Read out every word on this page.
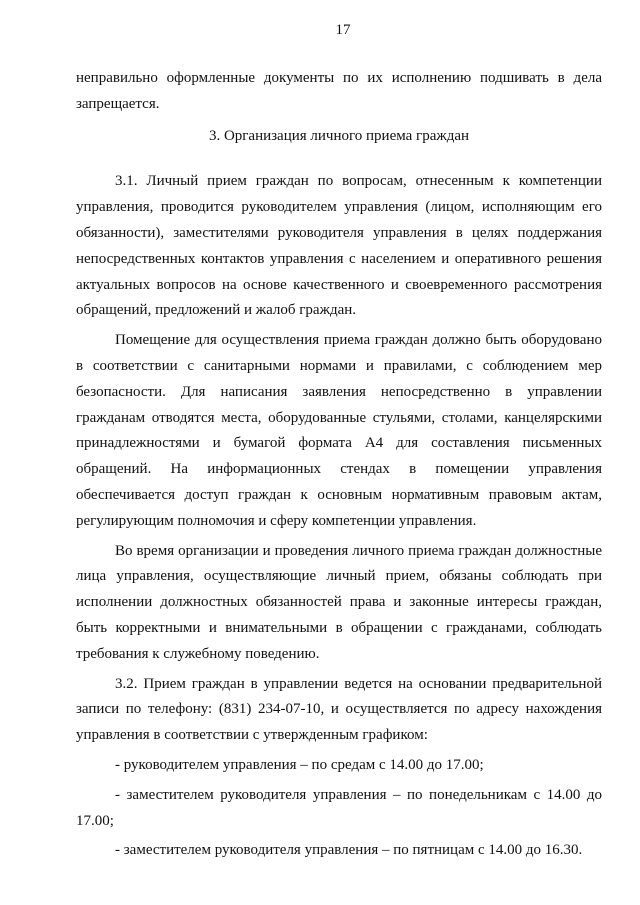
17
неправильно оформленные документы по их исполнению подшивать в дела
запрещается.
3. Организация личного приема граждан

3.1. Личный прием граждан по вопросам, отнесенным к компетенции управления, проводится руководителем управления (лицом, исполняющим его обязанности), заместителями руководителя управления в целях поддержания непосредственных контактов управления с населением и оперативного решения актуальных вопросов на основе качественного и своевременного рассмотрения обращений, предложений и жалоб граждан.

Помещение для осуществления приема граждан должно быть оборудовано в соответствии с санитарными нормами и правилами, с соблюдением мер безопасности. Для написания заявления непосредственно в управлении гражданам отводятся места, оборудованные стульями, столами, канцелярскими принадлежностями и бумагой формата А4 для составления письменных обращений. На информационных стендах в помещении управления обеспечивается доступ граждан к основным нормативным правовым актам, регулирующим полномочия и сферу компетенции управления.

Во время организации и проведения личного приема граждан должностные лица управления, осуществляющие личный прием, обязаны соблюдать при исполнении должностных обязанностей права и законные интересы граждан, быть корректными и внимательными в обращении с гражданами, соблюдать требования к служебному поведению.

3.2. Прием граждан в управлении ведется на основании предварительной записи по телефону: (831) 234-07-10, и осуществляется по адресу нахождения управления в соответствии с утвержденным графиком:

- руководителем управления – по средам с 14.00 до 17.00;
- заместителем руководителя управления – по понедельникам с 14.00 до 17.00;
- заместителем руководителя управления – по пятницам с 14.00 до 16.30.
